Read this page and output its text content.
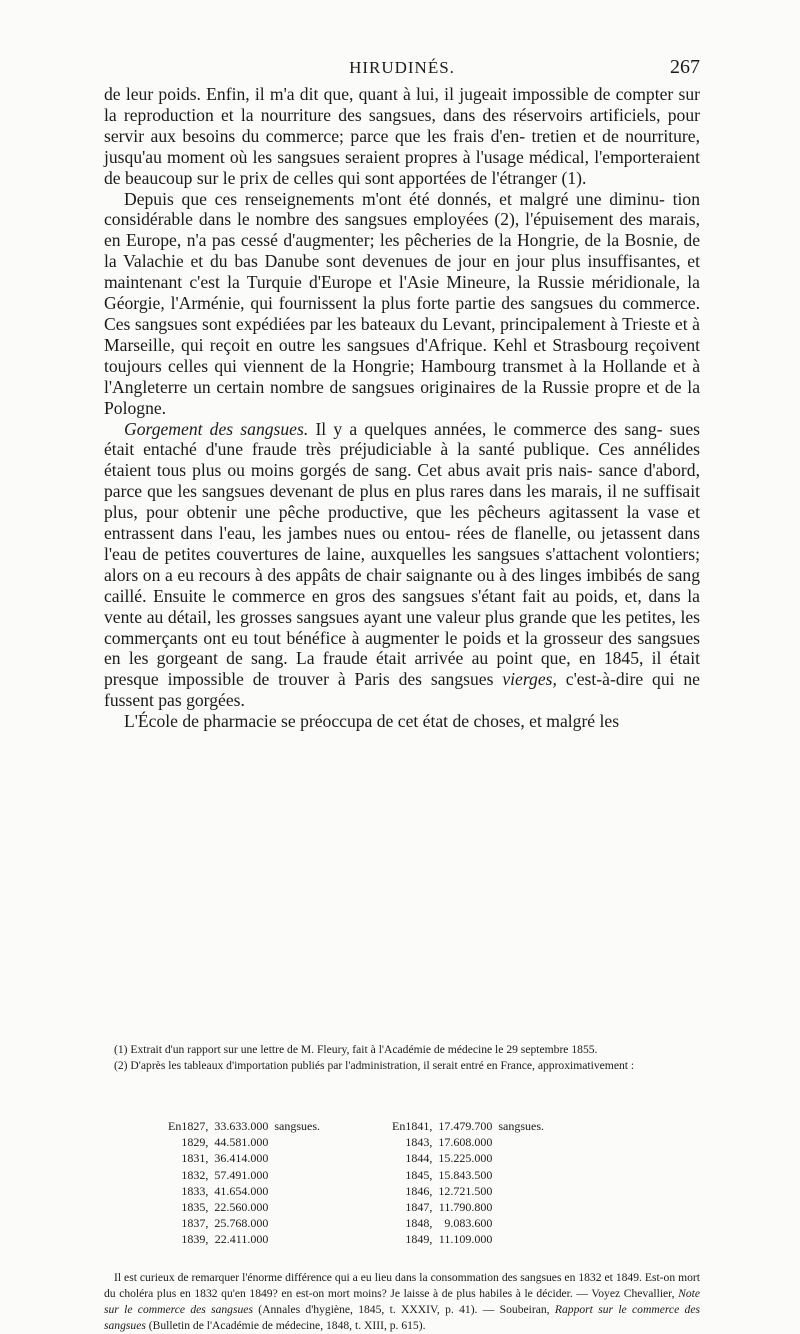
HIRUDINÉS.	267

de leur poids. Enfin, il m'a dit que, quant à lui, il jugeait impossible de compter sur la reproduction et la nourriture des sangsues, dans des réservoirs artificiels, pour servir aux besoins du commerce; parce que les frais d'en- tretien et de nourriture, jusqu'au moment où les sangsues seraient propres à l'usage médical, l'emporteraient de beaucoup sur le prix de celles qui sont apportées de l'étranger (1).

Depuis que ces renseignements m'ont été donnés, et malgré une diminu- tion considérable dans le nombre des sangsues employées (2), l'épuisement des marais, en Europe, n'a pas cessé d'augmenter; les pêcheries de la Hongrie, de la Bosnie, de la Valachie et du bas Danube sont devenues de jour en jour plus insuffisantes, et maintenant c'est la Turquie d'Europe et l'Asie Mineure, la Russie méridionale, la Géorgie, l'Arménie, qui fournissent la plus forte partie des sangsues du commerce. Ces sangsues sont expédiées par les bateaux du Levant, principalement à Trieste et à Marseille, qui reçoit en outre les sangsues d'Afrique. Kehl et Strasbourg reçoivent toujours celles qui viennent de la Hongrie; Hambourg transmet à la Hollande et à l'Angleterre un certain nombre de sangsues originaires de la Russie propre et de la Pologne.

Gorgement des sangsues. Il y a quelques années, le commerce des sang- sues était entaché d'une fraude très préjudiciable à la santé publique. Ces annélides étaient tous plus ou moins gorgés de sang. Cet abus avait pris nais- sance d'abord, parce que les sangsues devenant de plus en plus rares dans les marais, il ne suffisait plus, pour obtenir une pêche productive, que les pêcheurs agitassent la vase et entrassent dans l'eau, les jambes nues ou entou- rées de flanelle, ou jetassent dans l'eau de petites couvertures de laine, auxquelles les sangsues s'attachent volontiers; alors on a eu recours à des appâts de chair saignante ou à des linges imbibés de sang caillé. Ensuite le commerce en gros des sangsues s'étant fait au poids, et, dans la vente au détail, les grosses sangsues ayant une valeur plus grande que les petites, les commerçants ont eu tout bénéfice à augmenter le poids et la grosseur des sangsues en les gorgeant de sang. La fraude était arrivée au point que, en 1845, il était presque impossible de trouver à Paris des sangsues vierges, c'est-à-dire qui ne fussent pas gorgées.

L'École de pharmacie se préoccupa de cet état de choses, et malgré les

(1) Extrait d'un rapport sur une lettre de M. Fleury, fait à l'Académie de médecine le 29 septembre 1855.

(2) D'après les tableaux d'importation publiés par l'administration, il serait entré en France, approximativement :

En	1827,	33.633.000	sangsues.	En	1841,	17.479.700	sangsues.
	1829,	44.581.000			1843,	17.608.000	
	1831,	36.414.000			1844,	15.225.000	
	1832,	57.491.000			1845,	15.843.500	
	1833,	41.654.000			1846,	12.721.500	
	1835,	22.560.000			1847,	11.790.800	
	1837,	25.768.000			1848,	9.083.600	
	1839,	22.411.000			1849,	11.109.000	

Il est curieux de remarquer l'énorme différence qui a eu lieu dans la consommation des sangsues en 1832 et 1849. Est-on mort du choléra plus en 1832 qu'en 1849? en est-on mort moins? Je laisse à de plus habiles à le décider. — Voyez Chevallier, Note sur le commerce des sangsues (Annales d'hygiène, 1845, t. XXXIV, p. 41). — Soubeiran, Rapport sur le commerce des sangsues (Bulletin de l'Académie de médecine, 1848, t. XIII, p. 615).
